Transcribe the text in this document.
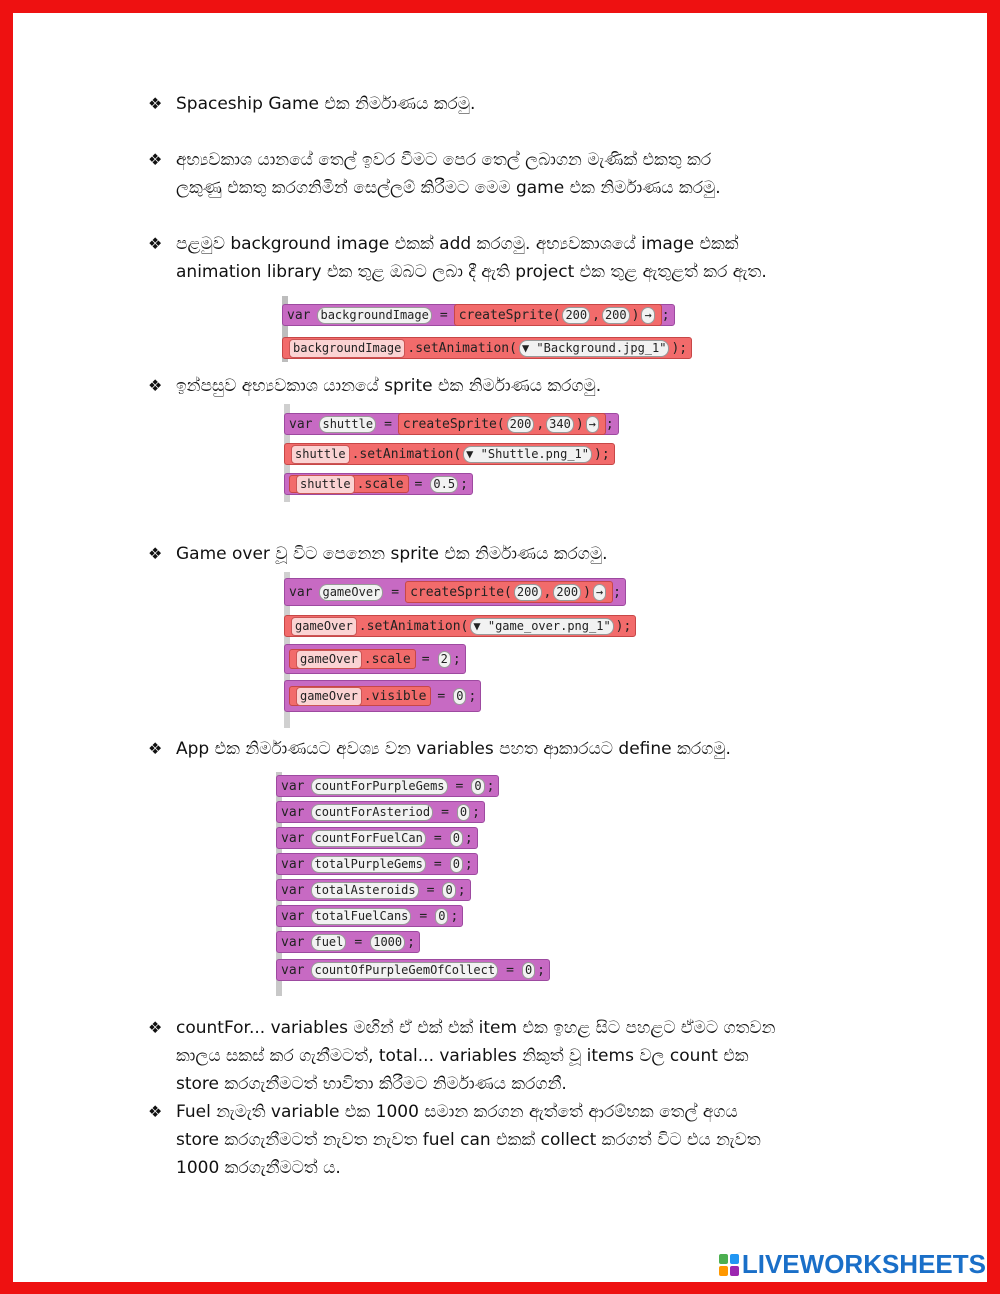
❖ Spaceship Game එක නිර්මාණය කරමු.
❖ අභ්‍යවකාශ යානයේ තෙල් ඉවර වීමට පෙර තෙල් ලබාගන මැණික් එකතු කර
ලකුණු එකතු කරගනිමින් සෙල්ලම් කිරීමට මෙම game එක නිර්මාණය කරමු.
❖ පළමුව background image එකක් add කරගමු. අභ්‍යවකාශයේ image එකක්
animation library එක තුළ ඔබට ලබා දී ඇති project එක තුළ ඇතුළත් කර ඇත.
var backgroundImage = createSprite ( 200 , 200 ) → ;
backgroundImage .setAnimation( ▼ "Background.jpg_1" );
❖ ඉන්පසුව අභ්‍යවකාශ යානයේ sprite එක නිර්මාණය කරගමු.
var shuttle = createSprite ( 200 , 340 ) → ;
shuttle .setAnimation( ▼ "Shuttle.png_1" );
shuttle .scale = 0.5 ;
❖ Game over වූ විට පෙනෙන sprite එක නිර්මාණය කරගමු.
var gameOver = createSprite ( 200 , 200 ) → ;
gameOver .setAnimation( ▼ "game_over.png_1" );
gameOver .scale = 2 ;
gameOver .visible = 0 ;
❖ App එක නිර්මාණයට අවශ්‍ය වන variables පහත ආකාරයට define කරගමු.
var countForPurpleGems = 0 ;
var countForAsteriod = 0 ;
var countForFuelCan = 0 ;
var totalPurpleGems = 0 ;
var totalAsteroids = 0 ;
var totalFuelCans = 0 ;
var fuel = 1000 ;
var countOfPurpleGemOfCollect = 0 ;
❖ countFor... variables මඟින් ඒ එක් එක් item එක ඉහළ සිට පහළට ඒමට ගතවන
කාලය සකස් කර ගැනීමටත්, total... variables නිකුත් වූ items වල count එක
store කරගැනීමටත් භාවිතා කිරීමට නිර්මාණය කරගනී.
❖ Fuel නැමැති variable එක 1000 සමාන කරගන ඇත්තේ ආරම්භක තෙල් අගය
store කරගැනීමටත් නැවත නැවත fuel can එකක් collect කරගත් විට එය නැවත
1000 කරගැනීමටත් ය.
LIVEWORKSHEETS
